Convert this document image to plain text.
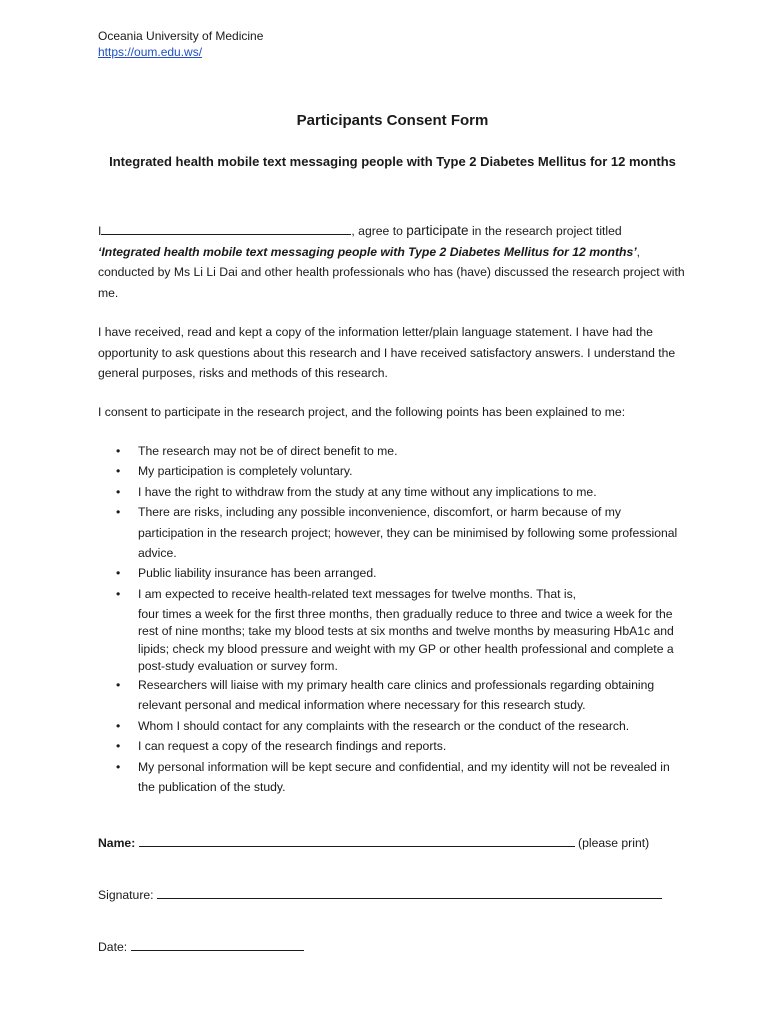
Oceania University of Medicine
https://oum.edu.ws/
Participants Consent Form
Integrated health mobile text messaging people with Type 2 Diabetes Mellitus for 12 months
I	, agree to participate in the research project titled
‘Integrated health mobile text messaging people with Type 2 Diabetes Mellitus for 12 months’,
conducted by Ms Li Li Dai and other health professionals who has (have) discussed the research project with me.
I have received, read and kept a copy of the information letter/plain language statement. I have had the opportunity to ask questions about this research and I have received satisfactory answers. I understand the general purposes, risks and methods of this research.
I consent to participate in the research project, and the following points has been explained to me:
• The research may not be of direct benefit to me.
• My participation is completely voluntary.
• I have the right to withdraw from the study at any time without any implications to me.
• There are risks, including any possible inconvenience, discomfort, or harm because of my participation in the research project; however, they can be minimised by following some professional advice.
• Public liability insurance has been arranged.
• I am expected to receive health-related text messages for twelve months. That is,
four times a week for the first three months, then gradually reduce to three and twice a week for the rest of nine months; take my blood tests at six months and twelve months by measuring HbA1c and lipids; check my blood pressure and weight with my GP or other health professional and complete a post-study evaluation or survey form.
• Researchers will liaise with my primary health care clinics and professionals regarding obtaining relevant personal and medical information where necessary for this research study.
• Whom I should contact for any complaints with the research or the conduct of the research.
• I can request a copy of the research findings and reports.
• My personal information will be kept secure and confidential, and my identity will not be revealed in the publication of the study.
Name:	(please print)
Signature:
Date:
